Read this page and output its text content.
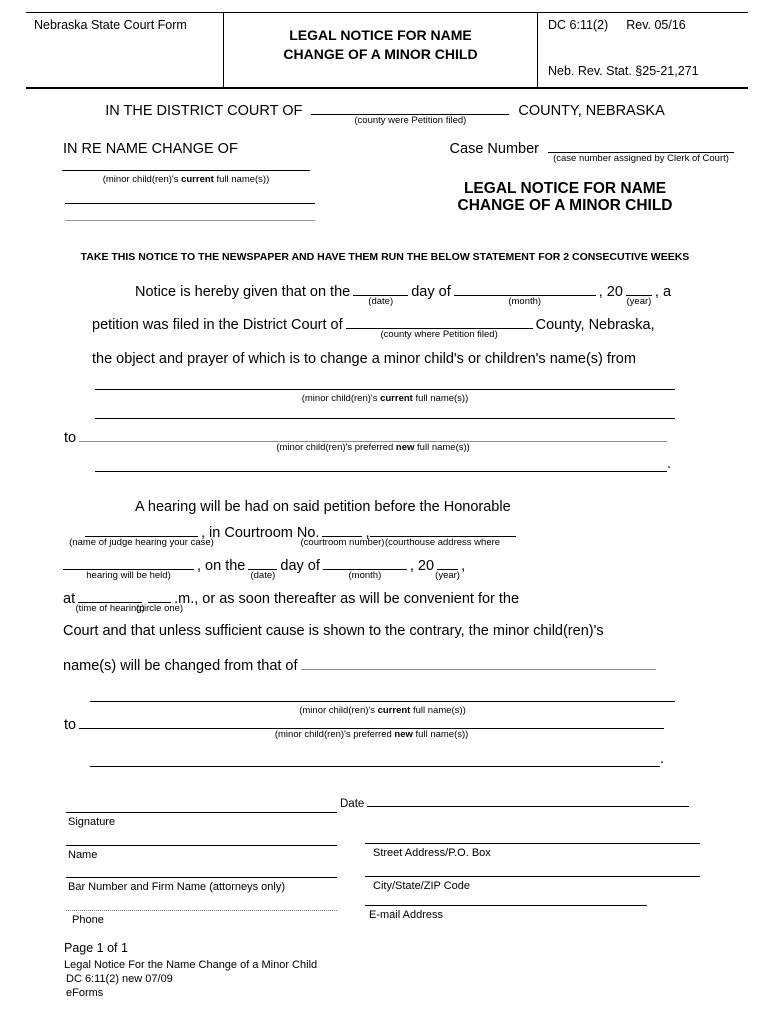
Nebraska State Court Form
LEGAL NOTICE FOR NAME
CHANGE OF A MINOR CHILD
DC 6:11(2) Rev. 05/16
Neb. Rev. Stat. §25-21,271
IN THE DISTRICT COURT OF
(county were Petition filed)
COUNTY, NEBRASKA
IN RE NAME CHANGE OF	Case Number
(case number assigned by Clerk of Court)
(minor child(ren)'s current full name(s))
LEGAL NOTICE FOR NAME
CHANGE OF A MINOR CHILD
TAKE THIS NOTICE TO THE NEWSPAPER AND HAVE THEM RUN THE BELOW STATEMENT FOR 2 CONSECUTIVE WEEKS
Notice is hereby given that on the
(date)
day of
(month)
, 20
(year)
, a
petition was filed in the District Court of
(county where Petition filed)
County, Nebraska,
the object and prayer of which is to change a minor child's or children's name(s) from
(minor child(ren)'s current full name(s))
to
(minor child(ren)'s preferred new full name(s))
.
A hearing will be had on said petition before the Honorable
(name of judge hearing your case)
, in Courtroom No.
(courtroom number)
,
(courthouse address where
hearing will be held)
, on the
(date)
day of
(month)
, 20
(year)
,
at
(time of hearing)
(circle one)
.m., or as soon thereafter as will be convenient for the
Court and that unless sufficient cause is shown to the contrary, the minor child(ren)'s
name(s) will be changed from that of
(minor child(ren)'s current full name(s))
to
(minor child(ren)'s preferred new full name(s))
.
Date
Signature
Name
Bar Number and Firm Name (attorneys only)
Phone
Street Address/P.O. Box
City/State/ZIP Code
E-mail Address
Page 1 of 1
Legal Notice For the Name Change of a Minor Child
DC 6:11(2) new 07/09
eForms
